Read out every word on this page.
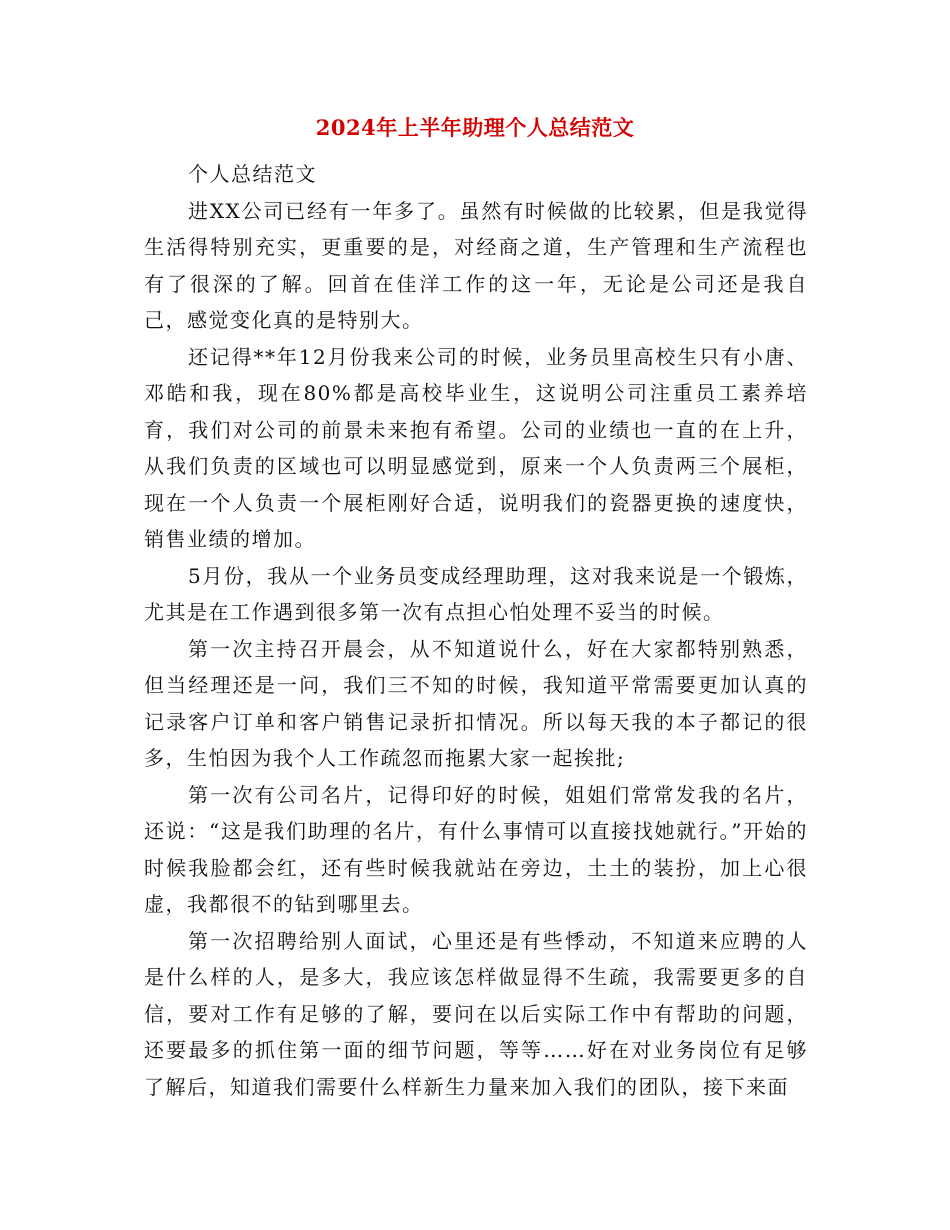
2024年上半年助理个人总结范文

个人总结范文

进XX公司已经有一年多了。虽然有时候做的比较累，但是我觉得生活得特别充实，更重要的是，对经商之道，生产管理和生产流程也有了很深的了解。回首在佳洋工作的这一年，无论是公司还是我自己，感觉变化真的是特别大。

还记得**年12月份我来公司的时候，业务员里高校生只有小唐、邓皓和我，现在80%都是高校毕业生，这说明公司注重员工素养培育，我们对公司的前景未来抱有希望。公司的业绩也一直的在上升，从我们负责的区域也可以明显感觉到，原来一个人负责两三个展柜，现在一个人负责一个展柜刚好合适，说明我们的瓷器更换的速度快，销售业绩的增加。

5月份，我从一个业务员变成经理助理，这对我来说是一个锻炼，尤其是在工作遇到很多第一次有点担心怕处理不妥当的时候。

第一次主持召开晨会，从不知道说什么，好在大家都特别熟悉，但当经理还是一问，我们三不知的时候，我知道平常需要更加认真的记录客户订单和客户销售记录折扣情况。所以每天我的本子都记的很多，生怕因为我个人工作疏忽而拖累大家一起挨批;

第一次有公司名片，记得印好的时候，姐姐们常常发我的名片，还说：“这是我们助理的名片，有什么事情可以直接找她就行。”开始的时候我脸都会红，还有些时候我就站在旁边，土土的装扮，加上心很虚，我都很不的钻到哪里去。

第一次招聘给别人面试，心里还是有些悸动，不知道来应聘的人是什么样的人，是多大，我应该怎样做显得不生疏，我需要更多的自信，要对工作有足够的了解，要问在以后实际工作中有帮助的问题，还要最多的抓住第一面的细节问题，等等……好在对业务岗位有足够了解后，知道我们需要什么样新生力量来加入我们的团队，接下来面
